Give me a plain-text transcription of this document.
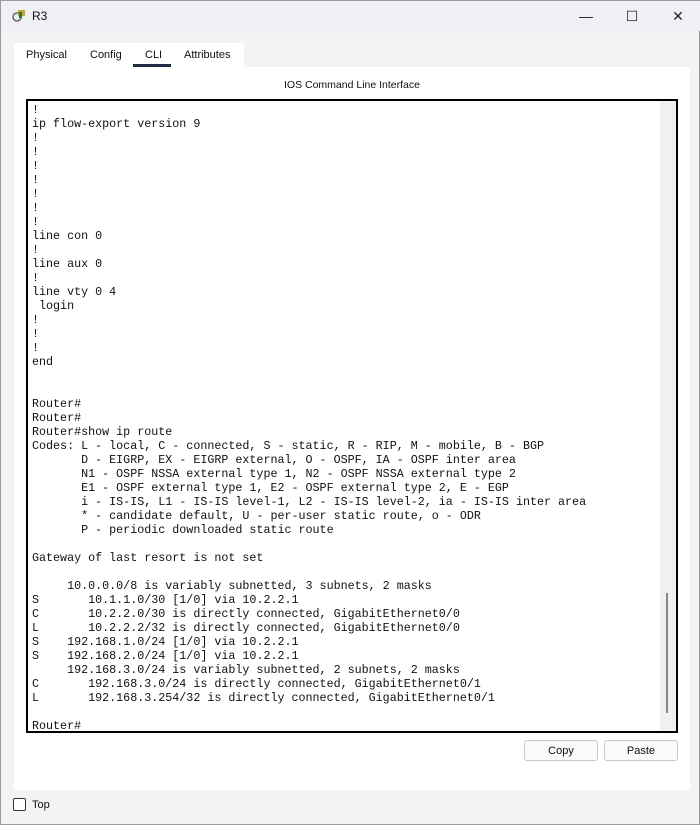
R3	— ☐ ✕
Physical Config CLI Attributes
IOS Command Line Interface
!
ip flow-export version 9
!
!
!
!
!
!
!
line con 0
!
line aux 0
!
line vty 0 4
login
!
!
!
end

Router#
Router#
Router#show ip route
Codes: L - local, C - connected, S - static, R - RIP, M - mobile, B - BGP
D - EIGRP, EX - EIGRP external, O - OSPF, IA - OSPF inter area
N1 - OSPF NSSA external type 1, N2 - OSPF NSSA external type 2
E1 - OSPF external type 1, E2 - OSPF external type 2, E - EGP
i - IS-IS, L1 - IS-IS level-1, L2 - IS-IS level-2, ia - IS-IS inter area
* - candidate default, U - per-user static route, o - ODR
P - periodic downloaded static route

Gateway of last resort is not set

10.0.0.0/8 is variably subnetted, 3 subnets, 2 masks
S       10.1.1.0/30 [1/0] via 10.2.2.1
C       10.2.2.0/30 is directly connected, GigabitEthernet0/0
L       10.2.2.2/32 is directly connected, GigabitEthernet0/0
S    192.168.1.0/24 [1/0] via 10.2.2.1
S    192.168.2.0/24 [1/0] via 10.2.2.1
192.168.3.0/24 is variably subnetted, 2 subnets, 2 masks
C       192.168.3.0/24 is directly connected, GigabitEthernet0/1
L       192.168.3.254/32 is directly connected, GigabitEthernet0/1

Router#
Copy	Paste
Top
